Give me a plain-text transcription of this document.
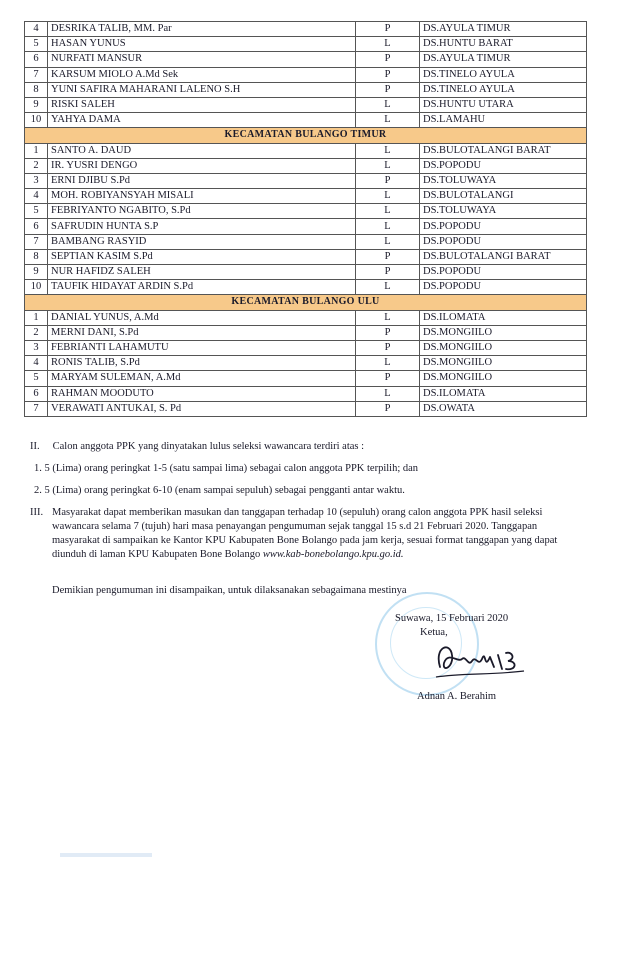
4	DESRIKA TALIB, MM. Par	P	DS.AYULA TIMUR
5	HASAN YUNUS	L	DS.HUNTU BARAT
6	NURFATI MANSUR	P	DS.AYULA TIMUR
7	KARSUM MIOLO A.Md Sek	P	DS.TINELO AYULA
8	YUNI SAFIRA MAHARANI LALENO S.H	P	DS.TINELO AYULA
9	RISKI SALEH	L	DS.HUNTU UTARA
10	YAHYA DAMA	L	DS.LAMAHU
KECAMATAN BULANGO TIMUR			
1	SANTO A. DAUD	L	DS.BULOTALANGI BARAT
2	IR. YUSRI DENGO	L	DS.POPODU
3	ERNI DJIBU S.Pd	P	DS.TOLUWAYA
4	MOH. ROBIYANSYAH MISALI	L	DS.BULOTALANGI
5	FEBRIYANTO NGABITO, S.Pd	L	DS.TOLUWAYA
6	SAFRUDIN HUNTA S.P	L	DS.POPODU
7	BAMBANG RASYID	L	DS.POPODU
8	SEPTIAN KASIM S.Pd	P	DS.BULOTALANGI BARAT
9	NUR HAFIDZ SALEH	P	DS.POPODU
10	TAUFIK HIDAYAT ARDIN S.Pd	L	DS.POPODU
KECAMATAN BULANGO ULU			
1	DANIAL YUNUS, A.Md	L	DS.ILOMATA
2	MERNI DANI, S.Pd	P	DS.MONGIILO
3	FEBRIANTI LAHAMUTU	P	DS.MONGIILO
4	RONIS TALIB, S.Pd	L	DS.MONGIILO
5	MARYAM SULEMAN, A.Md	P	DS.MONGIILO
6	RAHMAN MOODUTO	L	DS.ILOMATA
7	VERAWATI ANTUKAI, S. Pd	P	DS.OWATA

II. Calon anggota PPK yang dinyatakan lulus seleksi wawancara terdiri atas :

1. 5 (Lima) orang peringkat 1-5 (satu sampai lima) sebagai calon anggota PPK terpilih; dan

2. 5 (Lima) orang peringkat 6-10 (enam sampai sepuluh) sebagai pengganti antar waktu.

III. Masyarakat dapat memberikan masukan dan tanggapan terhadap 10 (sepuluh) orang calon anggota PPK hasil seleksi wawancara selama 7 (tujuh) hari masa penayangan pengumuman sejak tanggal 15 s.d 21 Februari 2020. Tanggapan masyarakat di sampaikan ke Kantor KPU Kabupaten Bone Bolango pada jam kerja, sesuai format tanggapan yang dapat diunduh di laman KPU Kabupaten Bone Bolango www.kab-bonebolango.kpu.go.id.

Demikian pengumuman ini disampaikan, untuk dilaksanakan sebagaimana mestinya

Suwawa, 15 Februari 2020
Ketua,
Adnan A. Berahim
